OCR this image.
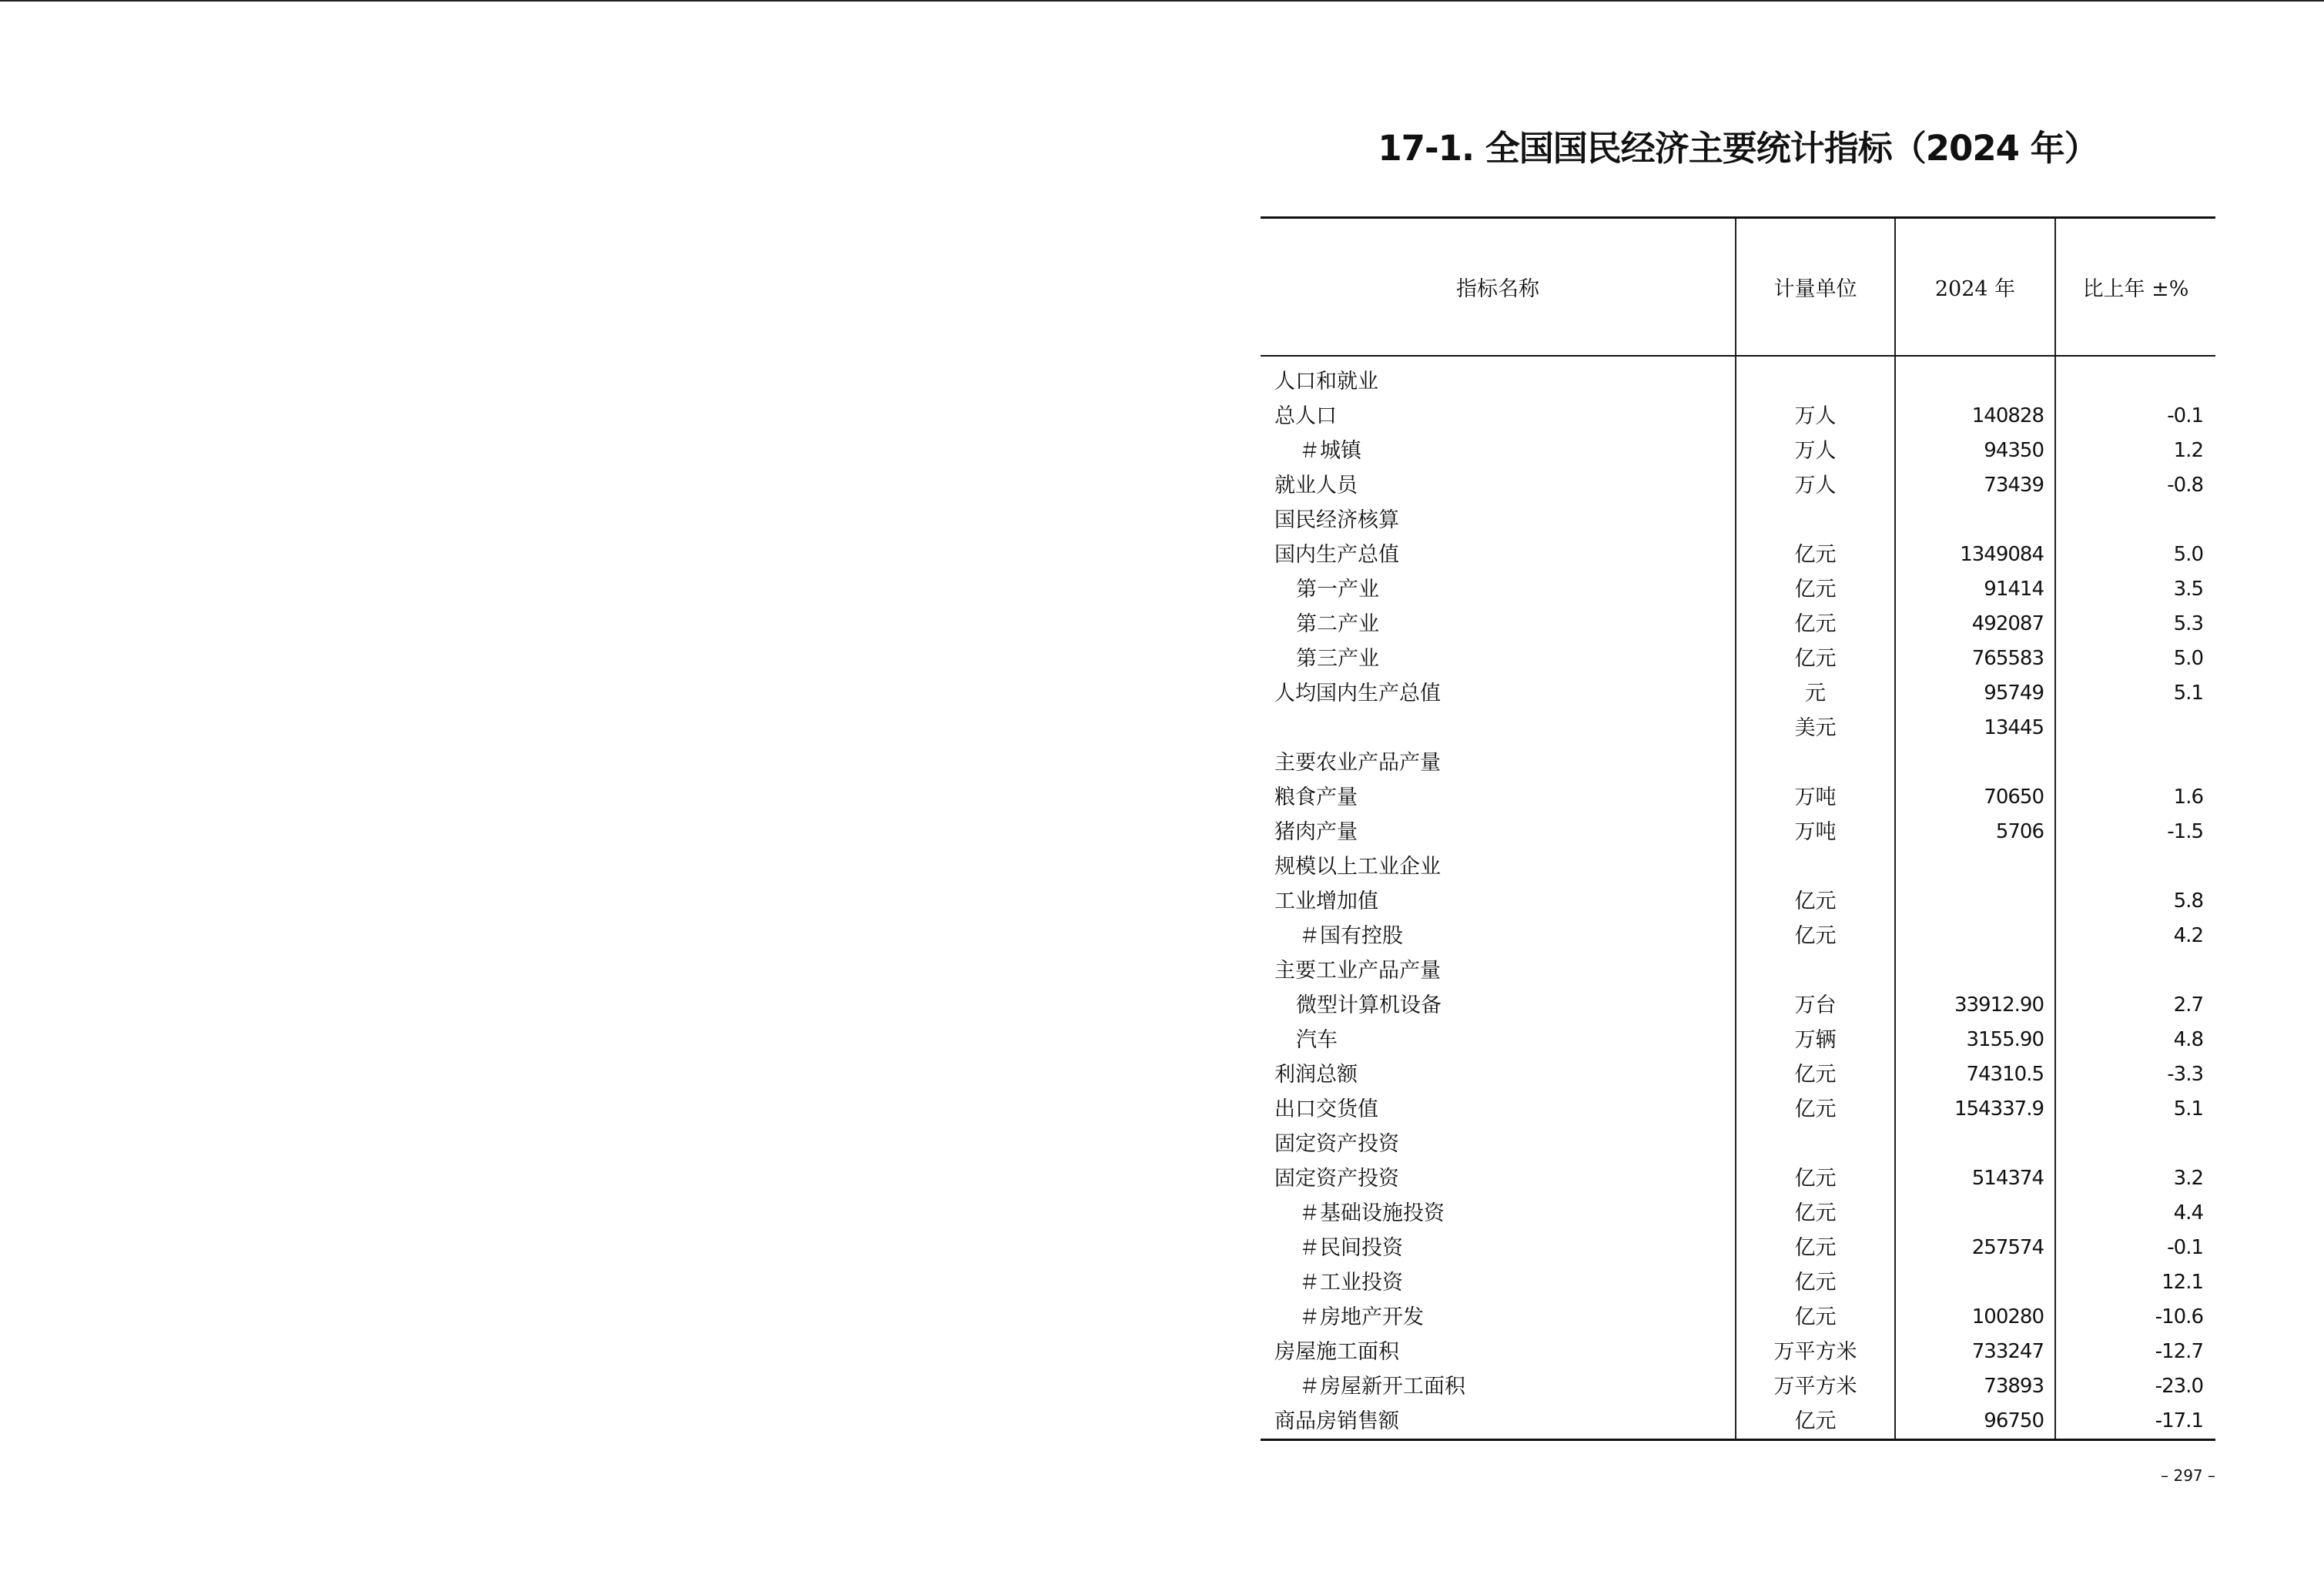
17-1. 全国国民经济主要统计指标（2024 年）
指标名称	计量单位	2024 年	比上年 ±%
人口和就业			
总人口	万人	140828	-0.1
＃城镇	万人	94350	1.2
就业人员	万人	73439	-0.8
国民经济核算			
国内生产总值	亿元	1349084	5.0
第一产业	亿元	91414	3.5
第二产业	亿元	492087	5.3
第三产业	亿元	765583	5.0
人均国内生产总值	元	95749	5.1
	美元	13445	
主要农业产品产量			
粮食产量	万吨	70650	1.6
猪肉产量	万吨	5706	-1.5
规模以上工业企业			
工业增加值	亿元		5.8
＃国有控股	亿元		4.2
主要工业产品产量			
微型计算机设备	万台	33912.90	2.7
汽车	万辆	3155.90	4.8
利润总额	亿元	74310.5	-3.3
出口交货值	亿元	154337.9	5.1
固定资产投资			
固定资产投资	亿元	514374	3.2
＃基础设施投资	亿元		4.4
＃民间投资	亿元	257574	-0.1
＃工业投资	亿元		12.1
＃房地产开发	亿元	100280	-10.6
房屋施工面积	万平方米	733247	-12.7
＃房屋新开工面积	万平方米	73893	-23.0
商品房销售额	亿元	96750	-17.1
– 297 –
